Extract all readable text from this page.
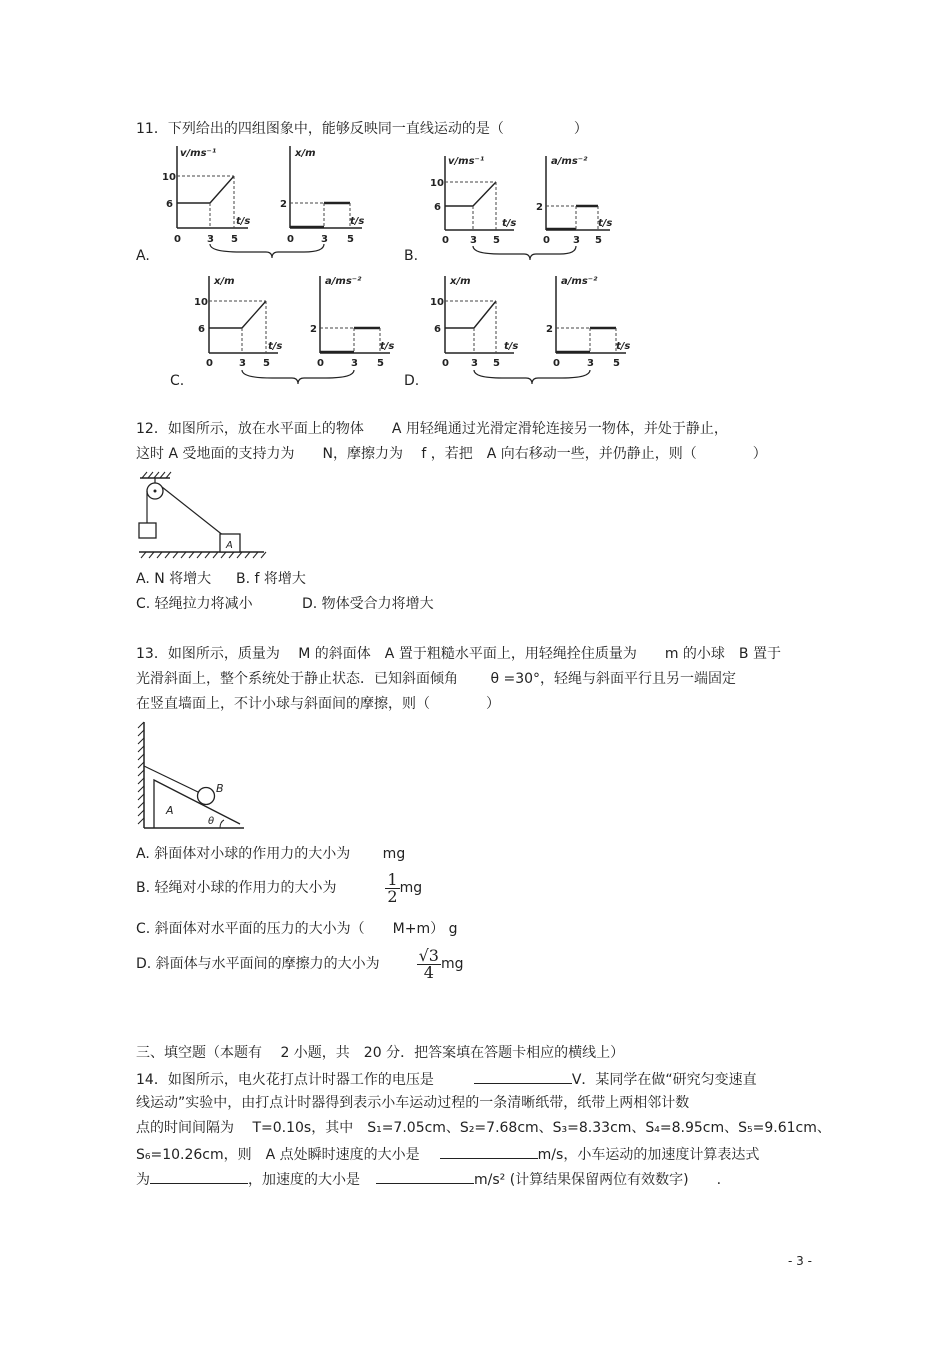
11．下列给出的四组图象中，能够反映同一直线运动的是（　　　　　）
v/ms⁻¹
10
6
t/s
0	3 5
x/m
2
t/s
0	3 5
A.
v/ms⁻¹
10
6
t/s
0 3 5
a/ms⁻²
2
t/s
0 3 5
B.
x/m
10
6
t/s
0	3 5
a/ms⁻²
2
t/s
0	3 5
C.
x/m
10
6
t/s
0 3 5
a/ms⁻²
2
t/s
0	3 5
D.
12．如图所示，放在水平面上的物体　　A 用轻绳通过光滑定滑轮连接另一物体，并处于静止，
这时 A 受地面的支持力为　　N，摩擦力为　 f ，若把　A 向右移动一些，并仍静止，则（　　　　）
A
A. N 将增大 B. f 将增大
C. 轻绳拉力将减小	D. 物体受合力将增大
13．如图所示，质量为　 M 的斜面体　A 置于粗糙水平面上，用轻绳拴住质量为　　m 的小球　B 置于
光滑斜面上，整个系统处于静止状态．已知斜面倾角　　 θ =30°，轻绳与斜面平行且另一端固定
在竖直墙面上，不计小球与斜面间的摩擦，则（　　　　）
A
B
θ
A. 斜面体对小球的作用力的大小为　　 mg
B. 轻绳对小球的作用力的大小为	$\frac{1}{2}$ mg
C. 斜面体对水平面的压力的大小为（　　M+m） g
D. 斜面体与水平面间的摩擦力的大小为 $\frac{√3}{4}$ mg
三、填空题（本题有　 2 小题，共　20 分．把答案填在答题卡相应的横线上）
14．如图所示，电火花打点计时器工作的电压是	V．某同学在做“研究匀变速直
线运动”实验中，由打点计时器得到表示小车运动过程的一条清晰纸带，纸带上两相邻计数
点的时间间隔为　 T=0.10s，其中　S₁=7.05cm、S₂=7.68cm、S₃=8.33cm、S₄=8.95cm、S₅=9.61cm、
S₆=10.26cm，则　A 点处瞬时速度的大小是	m/s，小车运动的加速度计算表达式
为	，加速度的大小是	m/s² (计算结果保留两位有效数字)　　.
- 3 -
